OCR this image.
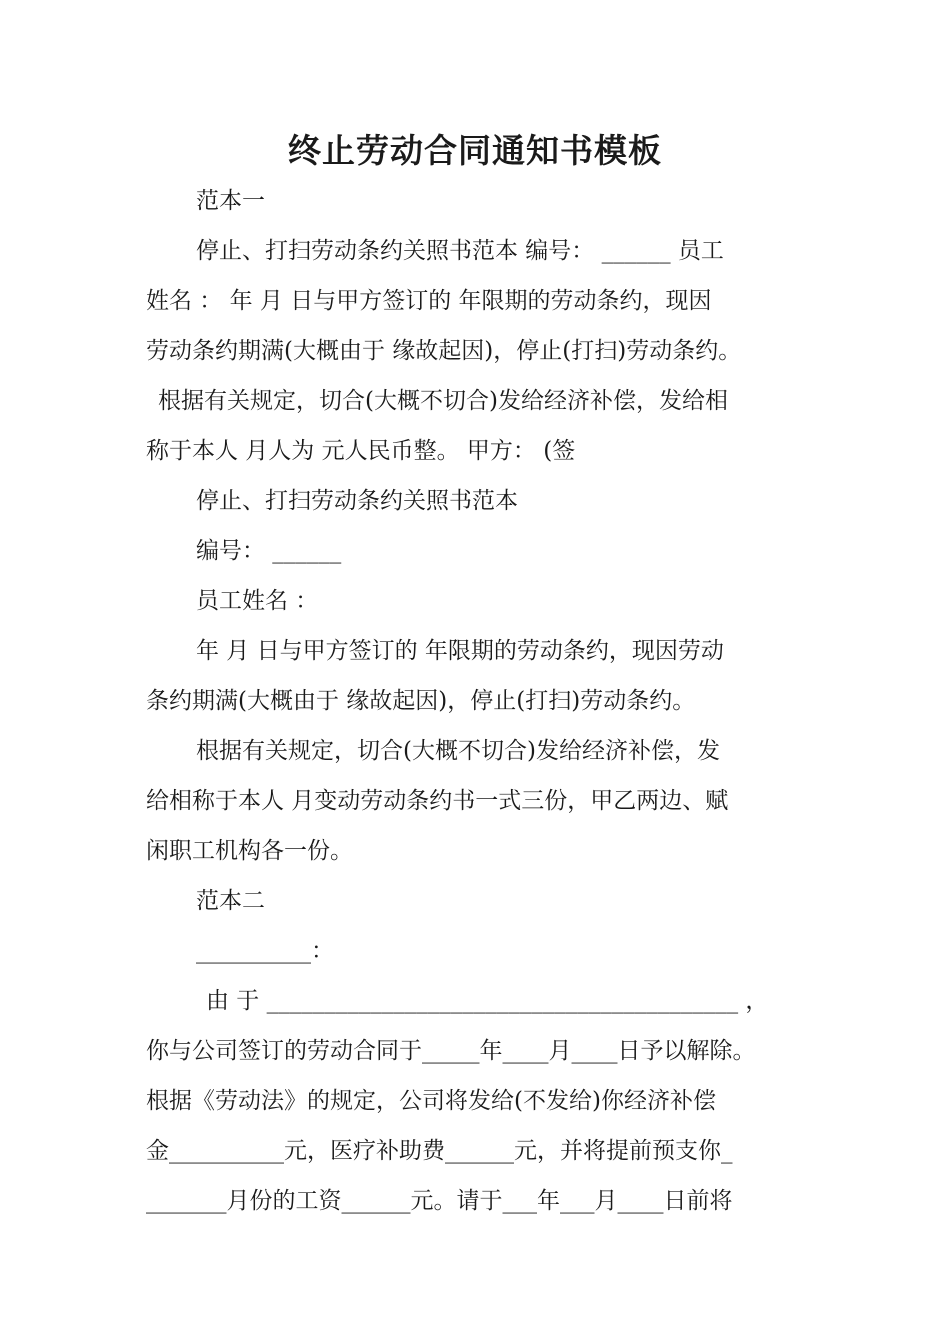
终止劳动合同通知书模板

范本一

停止、打扫劳动条约关照书范本 编号： ______ 员工

姓名 ： 年 月 日与甲方签订的 年限期的劳动条约，现因

劳动条约期满(大概由于 缘故起因)，停止(打扫)劳动条约。

根据有关规定，切合(大概不切合)发给经济补偿，发给相

称于本人 月人为 元人民币整。 甲方： (签

停止、打扫劳动条约关照书范本

编号： ______

员工姓名 ：

年 月 日与甲方签订的 年限期的劳动条约，现因劳动

条约期满(大概由于 缘故起因)，停止(打扫)劳动条约。

根据有关规定，切合(大概不切合)发给经济补偿，发

给相称于本人 月变动劳动条约书一式三份，甲乙两边、赋

闲职工机构各一份。

范本二

__________：

由 于 _________________________________________ ，

你与公司签订的劳动合同于_____年____月____日予以解除。

根据《劳动法》的规定，公司将发给(不发给)你经济补偿

金__________元，医疗补助费______元，并将提前预支你_

_______月份的工资______元。请于___年___月____日前将
